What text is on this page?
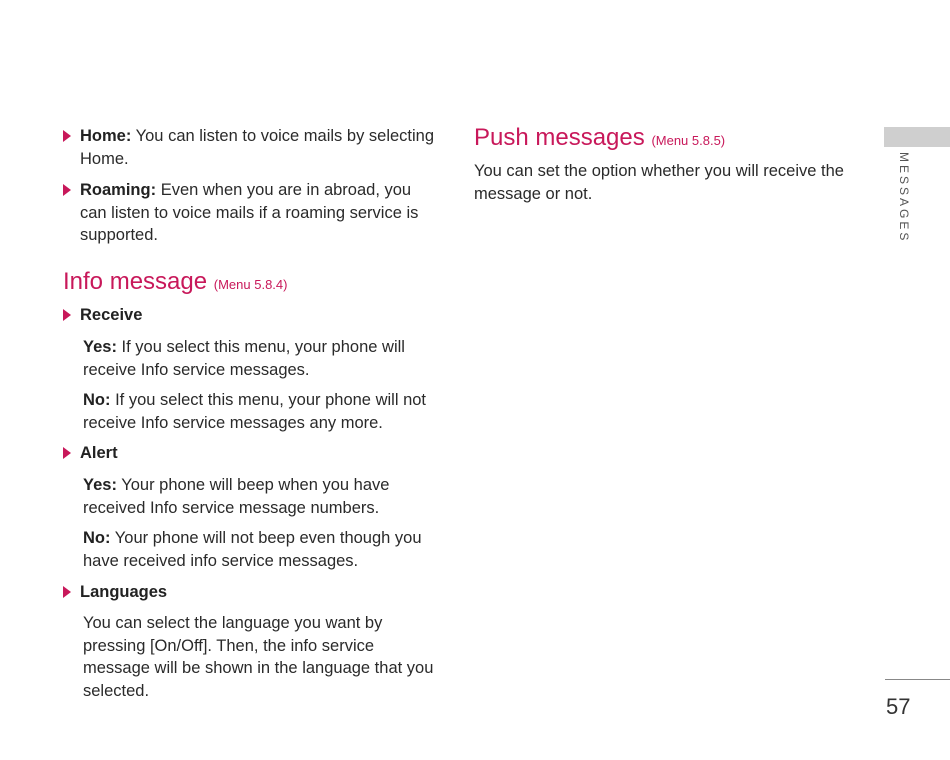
Home: You can listen to voice mails by selecting Home.
Roaming: Even when you are in abroad, you can listen to voice mails if a roaming service is supported.
Info message (Menu 5.8.4)
Receive
Yes: If you select this menu, your phone will receive Info service messages.
No: If you select this menu, your phone will not receive Info service messages any more.
Alert
Yes: Your phone will beep when you have received Info service message numbers.
No: Your phone will not beep even though you have received info service messages.
Languages
You can select the language you want by pressing [On/Off]. Then, the info service message will be shown in the language that you selected.
Push messages (Menu 5.8.5)
You can set the option whether you will receive the message or not.	MESSAGES
57
